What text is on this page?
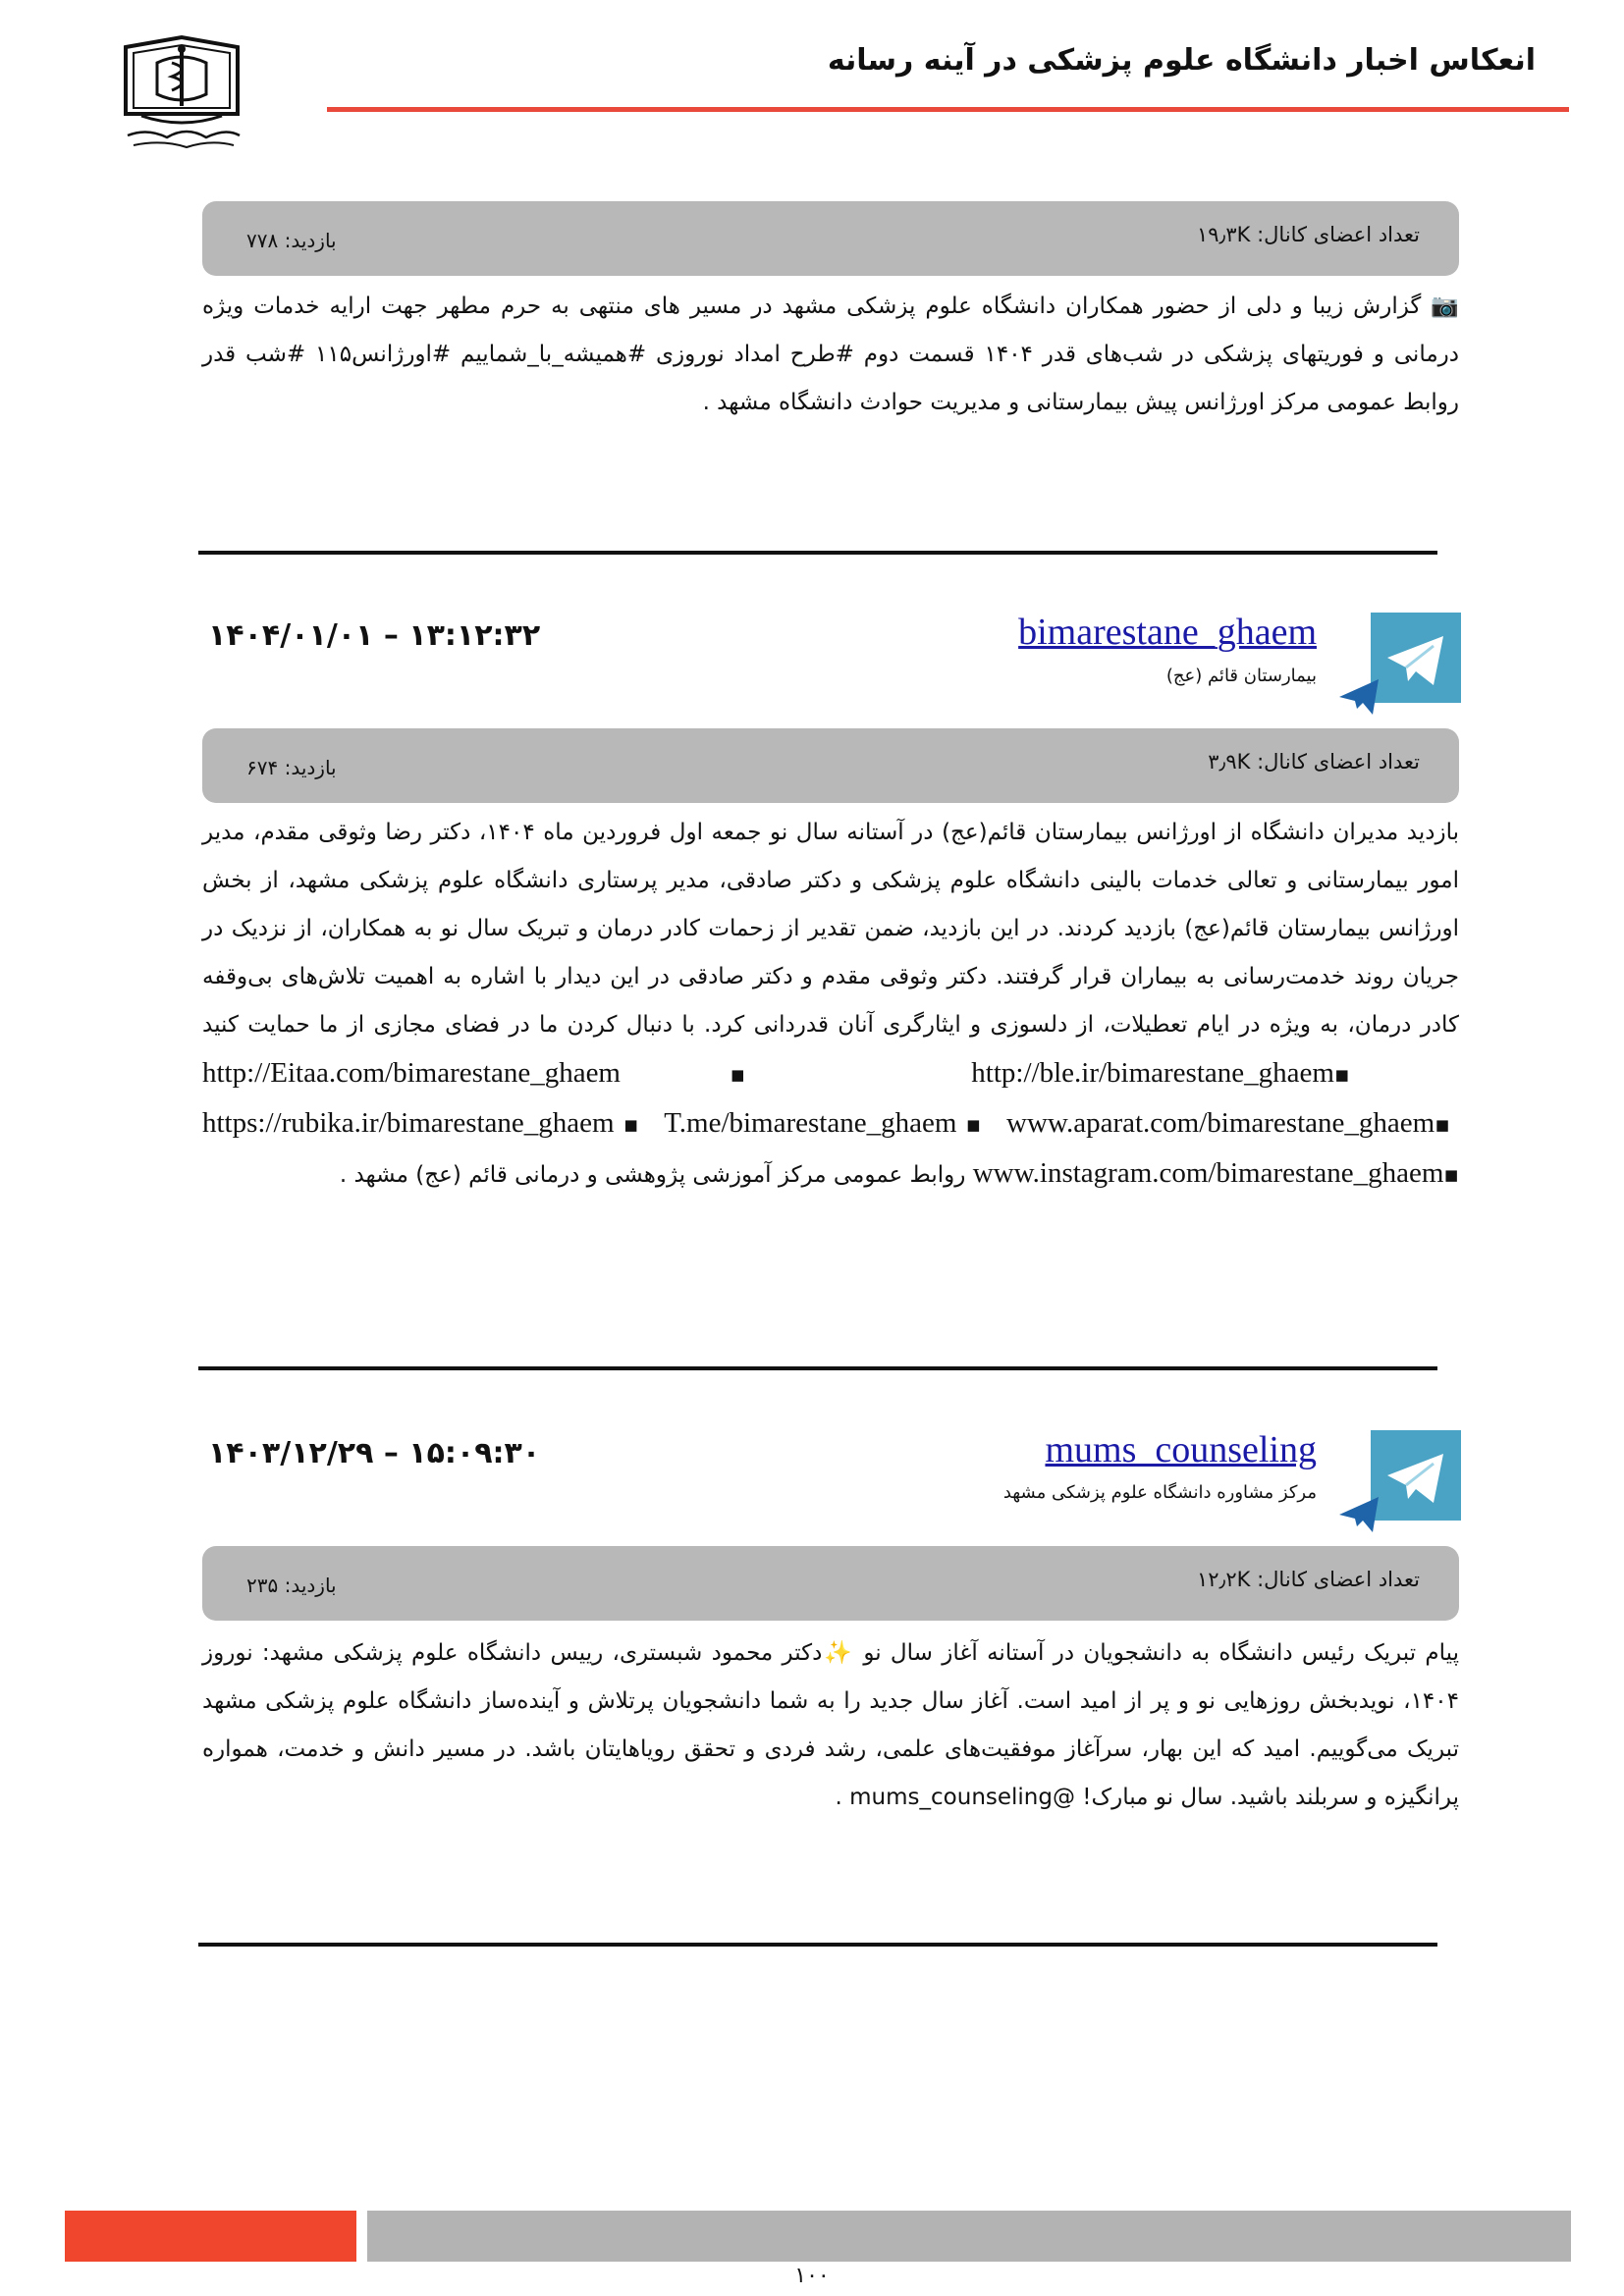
انعکاس اخبار دانشگاه علوم پزشکی در آینه رسانه
تعداد اعضای کانال: ۱۹٫۳K
بازدید: ۷۷۸

📷 گزارش زیبا و دلی از حضور همکاران دانشگاه علوم پزشکی مشهد در مسیر های منتهی به حرم مطهر جهت ارایه خدمات ویژه درمانی و فوریتهای پزشکی در شب‌های قدر ۱۴۰۴ قسمت دوم #طرح امداد نوروزی #همیشه_با_شماییم #اورژانس۱۱۵ #شب قدر روابط عمومی مرکز اورژانس پیش بیمارستانی و مدیریت حوادث دانشگاه مشهد .

۱۴۰۴/۰۱/۰۱ – ۱۳:۱۲:۳۲	bimarestane_ghaem
بیمارستان قائم (عج)
تعداد اعضای کانال: ۳٫۹K
بازدید: ۶۷۴

بازدید مدیران دانشگاه از اورژانس بیمارستان قائم(عج) در آستانه سال نو جمعه اول فروردین ماه ۱۴۰۴، دکتر رضا وثوقی مقدم، مدیر امور بیمارستانی و تعالی خدمات بالینی دانشگاه علوم پزشکی و دکتر صادقی، مدیر پرستاری دانشگاه علوم پزشکی مشهد، از بخش اورژانس بیمارستان قائم(عج) بازدید کردند. در این بازدید، ضمن تقدیر از زحمات کادر درمان و تبریک سال نو به همکاران، از نزدیک در جریان روند خدمت‌رسانی به بیماران قرار گرفتند. دکتر وثوقی مقدم و دکتر صادقی در این دیدار با اشاره به اهمیت تلاش‌های بی‌وقفه کادر درمان، به ویژه در ایام تعطیلات، از دلسوزی و ایثارگری آنان قدردانی کرد. با دنبال کردن ما در فضای مجازی از ما حمایت کنید ▪http://ble.ir/bimarestane_ghaem ▪http://Eitaa.com/bimarestane_ghaem ▪www.aparat.com/bimarestane_ghaem ▪T.me/bimarestane_ghaem ▪https://rubika.ir/bimarestane_ghaem ▪www.instagram.com/bimarestane_ghaem روابط عمومی مرکز آموزشی پژوهشی و درمانی قائم (عج) مشهد .

۱۴۰۳/۱۲/۲۹ – ۱۵:۰۹:۳۰	mums_counseling
مرکز مشاوره دانشگاه علوم پزشکی مشهد
تعداد اعضای کانال: ۱۲٫۲K
بازدید: ۲۳۵

پیام تبریک رئیس دانشگاه به دانشجویان در آستانه آغاز سال نو ✨دکتر محمود شبستری، رییس دانشگاه علوم پزشکی مشهد: نوروز ۱۴۰۴، نویدبخش روزهایی نو و پر از امید است. آغاز سال جدید را به شما دانشجویان پرتلاش و آینده‌ساز دانشگاه علوم پزشکی مشهد تبریک می‌گوییم. امید که این بهار، سرآغاز موفقیت‌های علمی، رشد فردی و تحقق رویاهایتان باشد. در مسیر دانش و خدمت، همواره پرانگیزه و سربلند باشید. سال نو مبارک! @mums_counseling .

۱۰۰
